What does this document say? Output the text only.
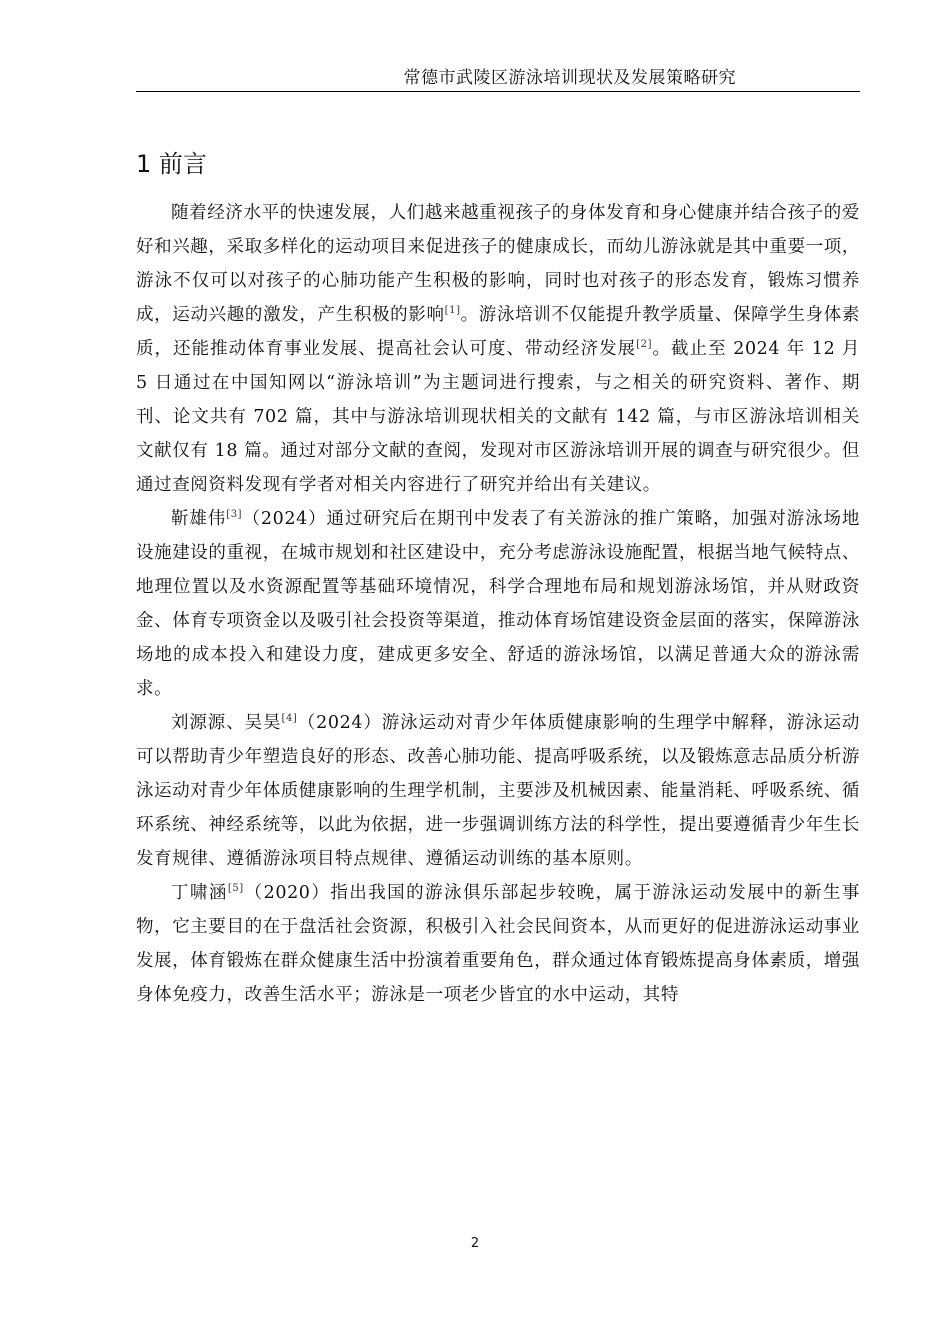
常德市武陵区游泳培训现状及发展策略研究
1 前言

随着经济水平的快速发展，人们越来越重视孩子的身体发育和身心健康并结合孩子的爱好和兴趣，采取多样化的运动项目来促进孩子的健康成长，而幼儿游泳就是其中重要一项，游泳不仅可以对孩子的心肺功能产生积极的影响，同时也对孩子的形态发育，锻炼习惯养成，运动兴趣的激发，产生积极的影响[1]。游泳培训不仅能提升教学质量、保障学生身体素质，还能推动体育事业发展、提高社会认可度、带动经济发展[2]。截止至 2024 年 12 月 5 日通过在中国知网以“游泳培训”为主题词进行搜索，与之相关的研究资料、著作、期刊、论文共有 702 篇，其中与游泳培训现状相关的文献有 142 篇，与市区游泳培训相关文献仅有 18 篇。通过对部分文献的查阅，发现对市区游泳培训开展的调查与研究很少。但通过查阅资料发现有学者对相关内容进行了研究并给出有关建议。

靳雄伟[3]（2024）通过研究后在期刊中发表了有关游泳的推广策略，加强对游泳场地设施建设的重视，在城市规划和社区建设中，充分考虑游泳设施配置，根据当地气候特点、地理位置以及水资源配置等基础环境情况，科学合理地布局和规划游泳场馆，并从财政资金、体育专项资金以及吸引社会投资等渠道，推动体育场馆建设资金层面的落实，保障游泳场地的成本投入和建设力度，建成更多安全、舒适的游泳场馆，以满足普通大众的游泳需求。

刘源源、吴昊[4]（2024）游泳运动对青少年体质健康影响的生理学中解释，游泳运动可以帮助青少年塑造良好的形态、改善心肺功能、提高呼吸系统，以及锻炼意志品质分析游泳运动对青少年体质健康影响的生理学机制，主要涉及机械因素、能量消耗、呼吸系统、循环系统、神经系统等，以此为依据，进一步强调训练方法的科学性，提出要遵循青少年生长发育规律、遵循游泳项目特点规律、遵循运动训练的基本原则。

丁啸涵[5]（2020）指出我国的游泳俱乐部起步较晚，属于游泳运动发展中的新生事物，它主要目的在于盘活社会资源，积极引入社会民间资本，从而更好的促进游泳运动事业发展，体育锻炼在群众健康生活中扮演着重要角色，群众通过体育锻炼提高身体素质，增强身体免疫力，改善生活水平；游泳是一项老少皆宜的水中运动，其特

2
